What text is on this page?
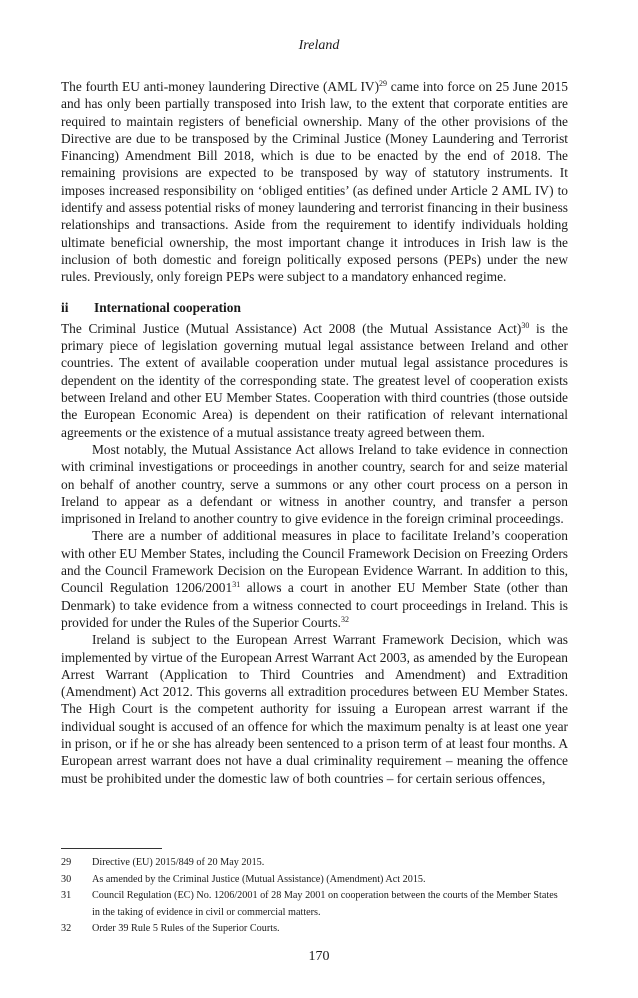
Ireland

The fourth EU anti-money laundering Directive (AML IV)$^{29}$ came into force on 25 June 2015 and has only been partially transposed into Irish law, to the extent that corporate entities are required to maintain registers of beneficial ownership. Many of the other provisions of the Directive are due to be transposed by the Criminal Justice (Money Laundering and Terrorist Financing) Amendment Bill 2018, which is due to be enacted by the end of 2018. The remaining provisions are expected to be transposed by way of statutory instruments. It imposes increased responsibility on ‘obliged entities’ (as defined under Article 2 AML IV) to identify and assess potential risks of money laundering and terrorist financing in their business relationships and transactions. Aside from the requirement to identify individuals holding ultimate beneficial ownership, the most important change it introduces in Irish law is the inclusion of both domestic and foreign politically exposed persons (PEPs) under the new rules. Previously, only foreign PEPs were subject to a mandatory enhanced regime.

ii	International cooperation

The Criminal Justice (Mutual Assistance) Act 2008 (the Mutual Assistance Act)$^{30}$ is the primary piece of legislation governing mutual legal assistance between Ireland and other countries. The extent of available cooperation under mutual legal assistance procedures is dependent on the identity of the corresponding state. The greatest level of cooperation exists between Ireland and other EU Member States. Cooperation with third countries (those outside the European Economic Area) is dependent on their ratification of relevant international agreements or the existence of a mutual assistance treaty agreed between them.

Most notably, the Mutual Assistance Act allows Ireland to take evidence in connection with criminal investigations or proceedings in another country, search for and seize material on behalf of another country, serve a summons or any other court process on a person in Ireland to appear as a defendant or witness in another country, and transfer a person imprisoned in Ireland to another country to give evidence in the foreign criminal proceedings.

There are a number of additional measures in place to facilitate Ireland’s cooperation with other EU Member States, including the Council Framework Decision on Freezing Orders and the Council Framework Decision on the European Evidence Warrant. In addition to this, Council Regulation 1206/2001$^{31}$ allows a court in another EU Member State (other than Denmark) to take evidence from a witness connected to court proceedings in Ireland. This is provided for under the Rules of the Superior Courts.$^{32}$

Ireland is subject to the European Arrest Warrant Framework Decision, which was implemented by virtue of the European Arrest Warrant Act 2003, as amended by the European Arrest Warrant (Application to Third Countries and Amendment) and Extradition (Amendment) Act 2012. This governs all extradition procedures between EU Member States. The High Court is the competent authority for issuing a European arrest warrant if the individual sought is accused of an offence for which the maximum penalty is at least one year in prison, or if he or she has already been sentenced to a prison term of at least four months. A European arrest warrant does not have a dual criminality requirement – meaning the offence must be prohibited under the domestic law of both countries – for certain serious offences,

29	Directive (EU) 2015/849 of 20 May 2015.
30	As amended by the Criminal Justice (Mutual Assistance) (Amendment) Act 2015.
31	Council Regulation (EC) No. 1206/2001 of 28 May 2001 on cooperation between the courts of the Member States in the taking of evidence in civil or commercial matters.
32	Order 39 Rule 5 Rules of the Superior Courts.
170
